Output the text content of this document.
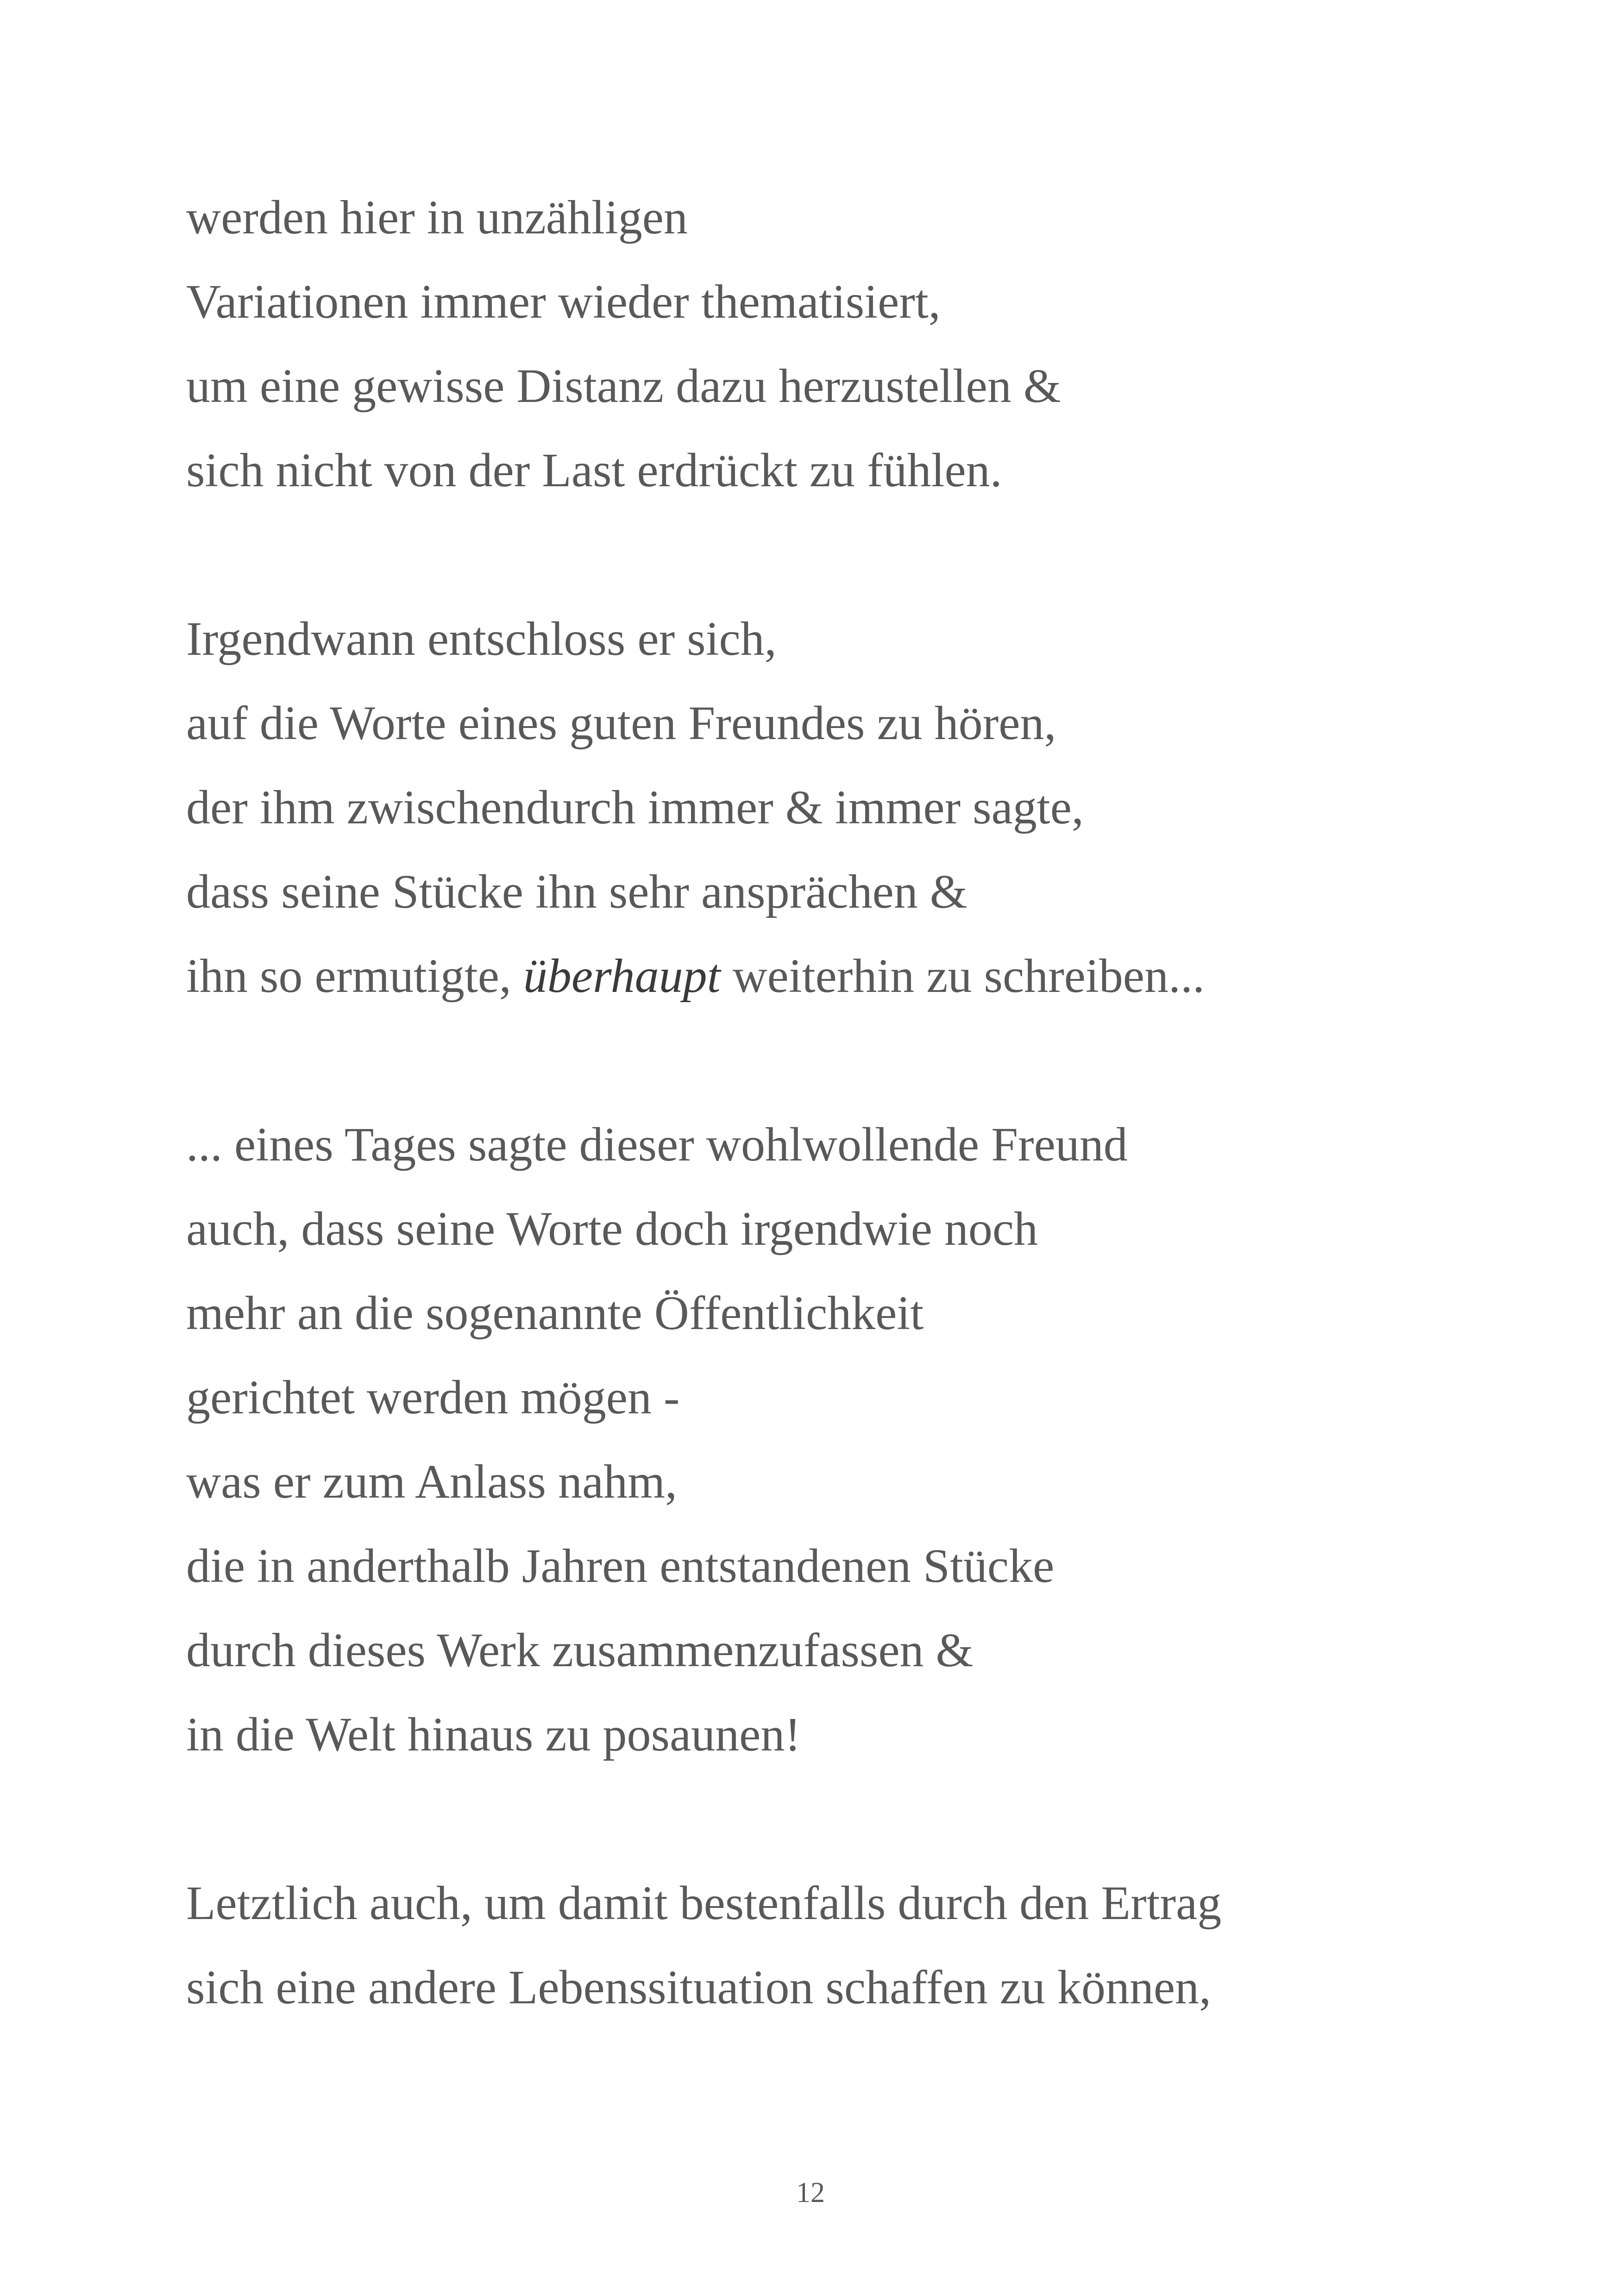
werden hier in unzähligen

Variationen immer wieder thematisiert,

um eine gewisse Distanz dazu herzustellen &

sich nicht von der Last erdrückt zu fühlen.

Irgendwann entschloss er sich,

auf die Worte eines guten Freundes zu hören,

der ihm zwischendurch immer & immer sagte,

dass seine Stücke ihn sehr ansprächen &

ihn so ermutigte, überhaupt weiterhin zu schreiben...

... eines Tages sagte dieser wohlwollende Freund

auch, dass seine Worte doch irgendwie noch

mehr an die sogenannte Öffentlichkeit

gerichtet werden mögen -

was er zum Anlass nahm,

die in anderthalb Jahren entstandenen Stücke

durch dieses Werk zusammenzufassen &

in die Welt hinaus zu posaunen!

Letztlich auch, um damit bestenfalls durch den Ertrag

sich eine andere Lebenssituation schaffen zu können,

12
